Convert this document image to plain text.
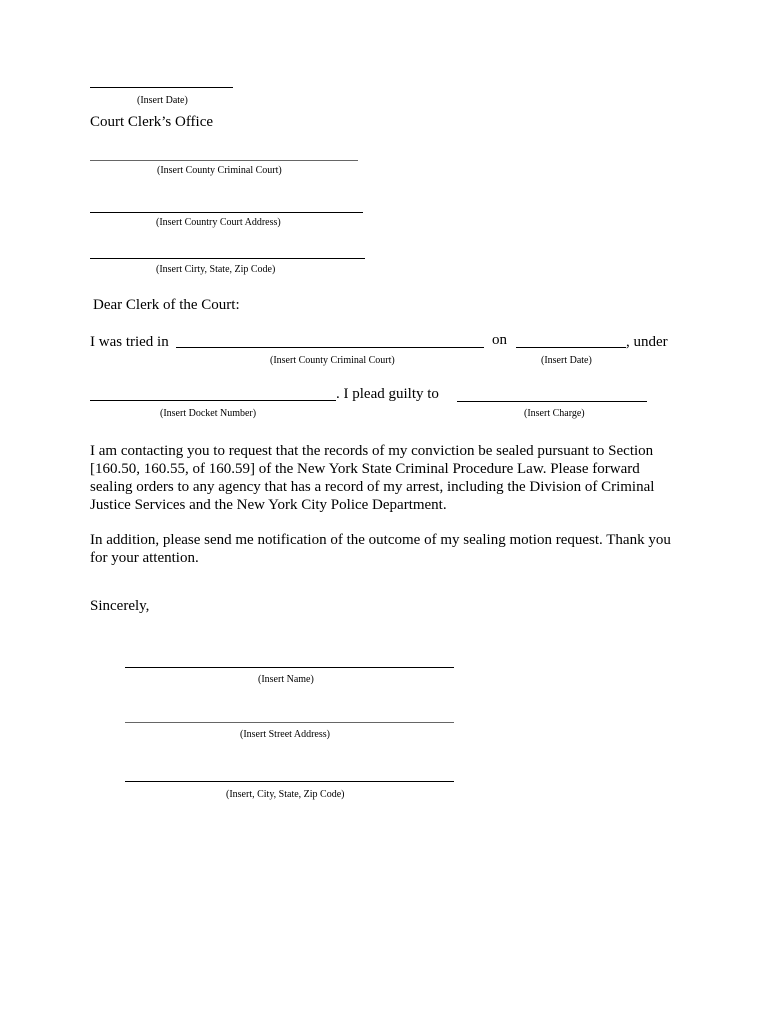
(Insert Date)
Court Clerk’s Office
(Insert County Criminal Court)
(Insert Country Court Address)
(Insert Cirty, State, Zip Code)
Dear Clerk of the Court:
I was tried in	on	, under
(Insert County Criminal Court)	(Insert Date)
. I plead guilty to
(Insert Docket Number)	(Insert Charge)
I am contacting you to request that the records of my conviction be sealed pursuant to Section
[160.50, 160.55, of 160.59] of the New York State Criminal Procedure Law. Please forward
sealing orders to any agency that has a record of my arrest, including the Division of Criminal
Justice Services and the New York City Police Department.
In addition, please send me notification of the outcome of my sealing motion request. Thank you
for your attention.
Sincerely,
(Insert Name)
(Insert Street Address)
(Insert, City, State, Zip Code)
